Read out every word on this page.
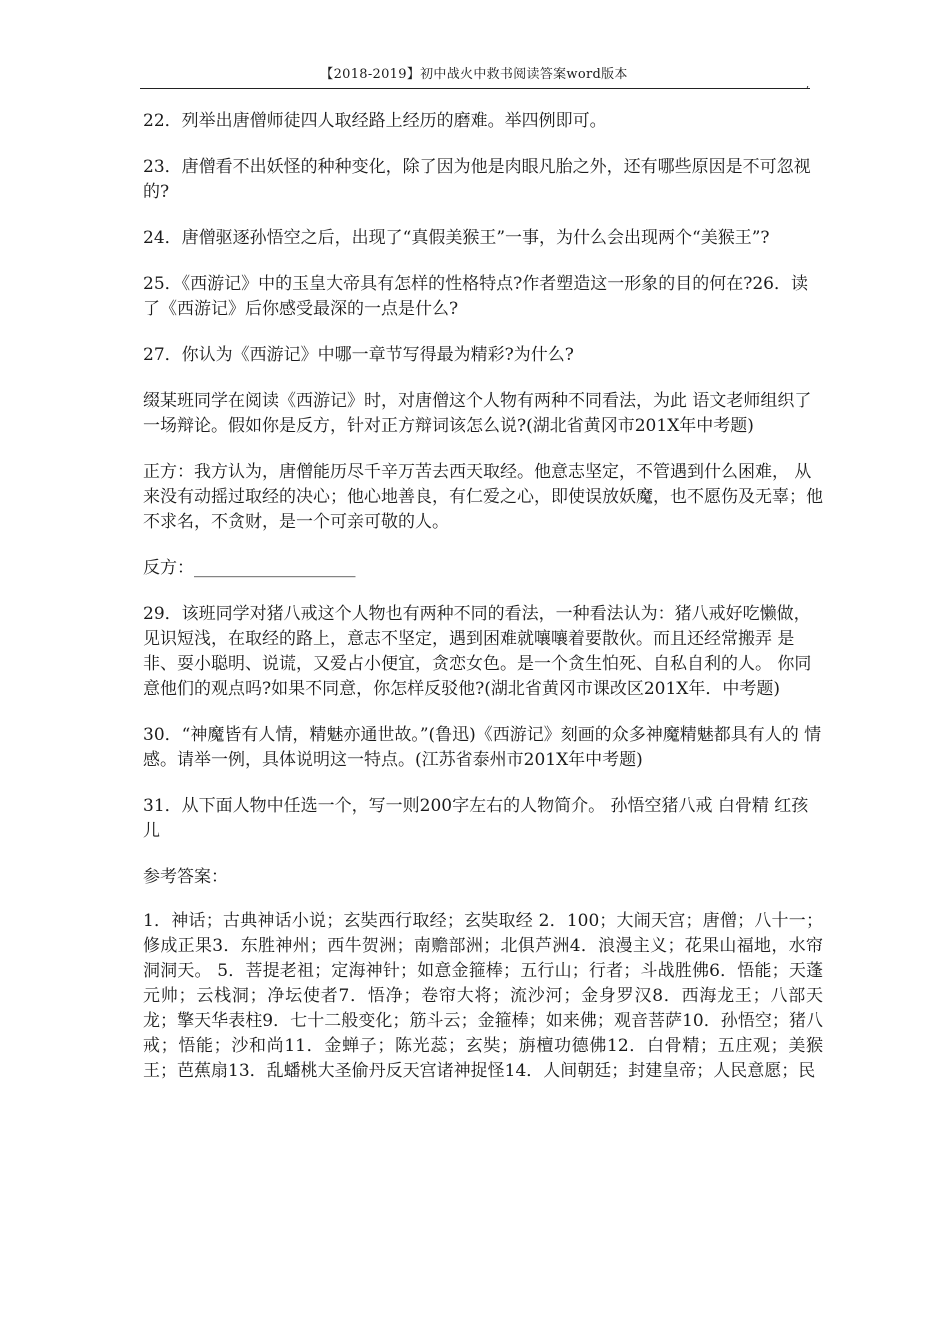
【2018-2019】初中战火中救书阅读答案word版本
,

22．列举出唐僧师徒四人取经路上经历的磨难。举四例即可。

23．唐僧看不出妖怪的种种变化，除了因为他是肉眼凡胎之外，还有哪些原因是不可忽视的?

24．唐僧驱逐孙悟空之后，出现了“真假美猴王”一事，为什么会出现两个“美猴王”?

25．《西游记》中的玉皇大帝具有怎样的性格特点?作者塑造这一形象的目的何在?26．读了《西游记》后你感受最深的一点是什么?

27．你认为《西游记》中哪一章节写得最为精彩?为什么?

缀某班同学在阅读《西游记》时，对唐僧这个人物有两种不同看法，为此 语文老师组织了 一场辩论。假如你是反方，针对正方辩词该怎么说?(湖北省黄冈市201X年中考题)

正方：我方认为，唐僧能历尽千辛万苦去西天取经。他意志坚定，不管遇到什么困难， 从来没有动摇过取经的决心；他心地善良，有仁爱之心，即使误放妖魔，也不愿伤及无辜；他不求名，不贪财，是一个可亲可敬的人。

反方：___________________

29．该班同学对猪八戒这个人物也有两种不同的看法，一种看法认为：猪八戒好吃懒做， 见识短浅，在取经的路上，意志不坚定，遇到困难就嚷嚷着要散伙。而且还经常搬弄 是非、耍小聪明、说谎，又爱占小便宜，贪恋女色。是一个贪生怕死、自私自利的人。 你同意他们的观点吗?如果不同意，你怎样反驳他?(湖北省黄冈市课改区201X年．中考题)

30．“神魔皆有人情，精魅亦通世故。”(鲁迅)《西游记》刻画的众多神魔精魅都具有人的 情感。请举一例，具体说明这一特点。(江苏省泰州市201X年中考题)

31．从下面人物中任选一个，写一则200字左右的人物简介。 孙悟空猪八戒 白骨精 红孩儿

参考答案：

1．神话；古典神话小说；玄奘西行取经；玄奘取经 2．100；大闹天宫；唐僧；八十一；修成正果3．东胜神州；西牛贺洲；南赡部洲；北俱芦洲4．浪漫主义；花果山福地，水帘洞洞天。 5．菩提老祖；定海神针；如意金箍棒；五行山；行者；斗战胜佛6．悟能；天蓬元帅；云栈洞；净坛使者7．悟净；卷帘大将；流沙河；金身罗汉8．西海龙王；八部天龙；擎天华表柱9．七十二般变化；筋斗云；金箍棒；如来佛；观音菩萨10．孙悟空；猪八戒；悟能；沙和尚11．金蝉子；陈光蕊；玄奘；旃檀功德佛12．白骨精；五庄观；美猴王；芭蕉扇13．乱蟠桃大圣偷丹反天宫诸神捉怪14．人间朝廷；封建皇帝；人民意愿；民
